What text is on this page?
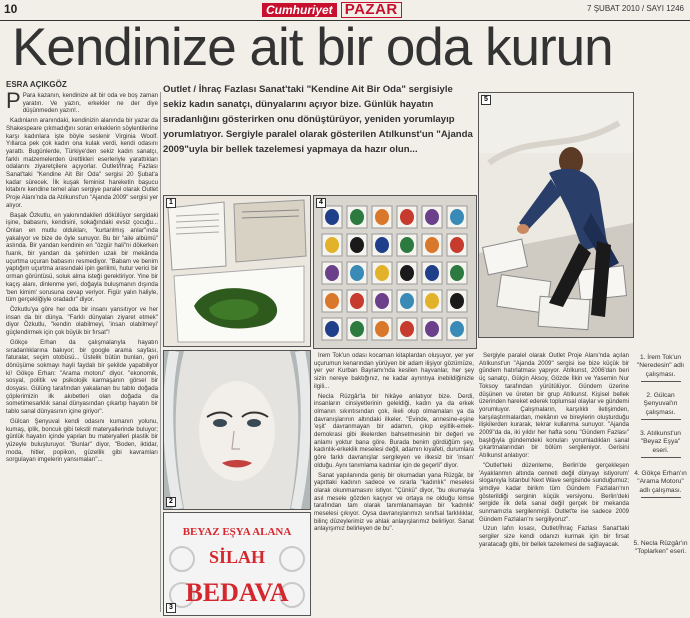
10	Cumhuriyet PAZAR	7 ŞUBAT 2010 / SAYI 1246
Kendinize ait bir oda kurun
ESRA AÇIKGÖZ

P Para kazanın, kendinize ait bir oda ve boş zaman yaratın. Ve yazın, erkekler ne der diye düşünmeden yazın!..

Kadınların aranındaki, kendinizin alanında bir yazar da Shakespeare çıkmadığını soran erkeklerin söylentilerine karşı kadınlara işte böyle seslenir Virginia Woolf. Yıllarca pek çok kadın ona kulak verdi, kendi odasını yarattı. Bugünlerde, Türkiye'den sekiz kadın sanatçı, farklı malzemelerden ürettikleri eserleriyle yarattıkları odalarını ziyaretçilere açıyorlar. Outlet/İhraç Fazlası Sanat'taki "Kendine Ait Bir Oda" sergisi 20 Şubat'a kadar sürecek. İlk kuşak feminist hareketin başucu kitabını kendine temel alan sergiye paralel olarak Outlet Proje Alanı'nda da Atılkunst'un "Ajanda 2009" sergisi yer alıyor.

Başak Özkutlu, en yakınındakileri dökülüyor sergidaki işine, babasını, kendisini, sokağındaki evsiz çocuğu... Onları en mutlu oldukları, "kurtarılmış anlar"ında yakalıyor ve bize de öyle sunuyor. Bu bir "aile albümü" aslında. Bir yandan kendinin en "özgür hali"ni dökerken fuarık, bir yandan da şehirden uzak bir mekânda uçurtma uçuran babasını resmediyor. "Babam ve benim yaptığım uçurtma arasındaki ipin gerilimi, hutur verici bir orman görüntüsü, soluk alma isteği gerektiriyor. Yine bir kaçış alanı, dinlenme yeri, doğayla buluşmanın dışında 'ben kimim' sorusuna cevap veriyor. Figür yalın haliyle, tüm gerçekliğiyle oradadır" diyor.

Özkutlu'ya göre her oda bir insanı yansıtıyor ve her insan da bir dünya. "Farklı dünyaları ziyaret etmek" diyor Özkutlu, "kendin olabilmeyi, 'insan olabilmeyi' güçlendirmek için çok büyük bir fırsat"!

Gökçe Erhan da çalışmalarıyla hayatın sıradanlıklarına bakıyor; bir google arama sayfası, faturalar, seçim otobüsü... Üstelik bütün bunları, geri dönüşüme sokmayı hayli faydalı bir şekilde yapabiliyor ki! Gökçe Erhan: "Arama motoru" diyor. "ekonomik, sosyal, politik ve psikolojik karmaşanın görsel bir dosyası. Gülüng tarafından yakalanan bu tablo doğada çöplerimizin ilk akıbetleri olan doğada da sometimesarklık sanal dünyasından çıkartıp hayatın bir tablo sanal dünyasının içine giriyor".

Gülcan Şenyuval kendi odasını kumanın yolunu, kumaş, iplik, boncuk gibi tekstil materyallerinde buluyor; günlük hayatın içinde yapılan bu materyalleri plastik bir yüzeyle buluşturuyor. "Bunlar" diyor, "Boden, iktidar, moda, hitler, popikon, güzellik gibi kavramları sorgulayan imgelerin yansımaları"...

Outlet / İhraç Fazlası Sanat'taki "Kendine Ait Bir Oda" sergisiyle sekiz kadın sanatçı, dünyalarını açıyor bize. Günlük hayatın sıradanlığını gösterirken onu dönüştürüyor, yeniden yorumlayıp yorumlatıyor. Sergiyle paralel olarak gösterilen Atılkunst'un "Ajanda 2009"uyla bir bellek tazelemesi yapmaya da hazır olun...
1	4
5
2
BEYAZ EŞYA ALANA
SİLAH
BEDAVA
3

İrem Tok'un odası kocaman kitaplardan oluşuyor, yer yer uçurumun kenarından yürüyen bir adam ilişiyor gözümüze, yer yer Kurban Bayramı'nda kesilen hayvanlar, her şey sizin nereye baktığınız, ne kadar ayrıntıya inebildiğinizle ilgili...

Necla Rüzgâr'la bir hikâye anlatıyor bize. Derdi, insanların cinsiyetlerinin geleldiği, kadın ya da erkek olmanın sıkıntısından çok, ikeli olup olmamaları ya da davranışlarının altındaki ilkeler. "Evinde, annesine-eşine 'eşit' davranmayan bir adamın, çıkıp eşitlik-emek-demokrasi gibi ilkelerden bahsetmesinin bir değeri ve anlamı yoktur bana göre. Burada benim gördüğüm şey, kadınlık-erkeklik meselesi değil, adamın kıyafeti, durumlara göre farklı davranışlar sergileyen ve ilkesiz bir 'insan' olduğu. Aynı tanımlama kadınlar için de geçerli" diyor.

Sanat yapılanında geniş bir okumadan yana Rüzgâr, bir yapıttaki kadının sadece ve ısrarla "kadınlık" meselesi olarak okunmamasını istiyor. "Çünkü" diyor, "bu okumayla asıl mesele gözden kaçıyor ve ortaya ne olduğu kimse tarafından tam olarak tanımlanamayan bir 'kadınlık' meselesi çıkıyor. Oysa davranışlarımızı sınıfsal farklılıklar, bilinç düzeylerimiz ve ahlak anlayışlarımız belirliyor. Sanat anlayışımız belirleyen de bu".

Sergiyle paralel olarak Outlet Proje Alanı'nda açılan Atılkunst'un "Ajanda 2009" sergisi ise bize küçük bir gündem hatırlatması yapıyor. Atılkunst, 2006'dan beri üç sanatçı, Gülçin Aksoy, Gözde İlkin ve Yasemin Nur Toksoy tarafından yürütülüyor. Gündem üzerine düşünen ve üreten bir grup Atılkunst. Kişisel bellek üzerinden hareket ederek toplumsal olaylar ve gündemi yorumluyor. Çalışmaların, karşılıklı iletişimden, karşılaştırmalardan, mekânın ve bireylerin oluşturduğu ilişkilerden kurarak, tekrar kullanma sunuyor. "Ajanda 2009"da da, iki yıldır her hafta sonu "Gündem Fazlası" başlığıyla gündemdeki konuları yorumladıkları sanal çıkartmalarından bir bölüm sergileniyor. Gerisini Atılkunst anlatıyor:

"Outlet'teki düzenleme, Berlin'de gerçekleşen 'Ayaklanmın altında cenneti değil dünyayı istiyorum' sloganıyla İstanbul Next Wave sergisinde sunduğumuz; şimdiye kadar birikm tüm Gündem Fazlaları'nın gösterildiği serginin küçük versiyonu. Berlin'deki sergide ilk defa sanal değil gerçek bir mekanda sunmamızla sergilenmişti. Outlet'te ise sadece 2009 Gündem Fazlaları'nı sergiliyoruz".

Uzun lafın kısası, Outlet/İhraç Fazlası Sanat'taki sergiler size kendi odanızı kurmak için bir fırsat yaratacağı gibi, bir bellek tazelemesi de sağlayacak.

1. İrem Tok'un "Neredesin" adlı çalışması.
2. Gülcan Şenyuval'ın çalışması.
3. Atılkunst'un "Beyaz Eşya" eseri.
4. Gökçe Erhan'ın "Arama Motoru" adlı çalışması.
5. Necla Rüzgâr'ın "Toplarken" eseri.
